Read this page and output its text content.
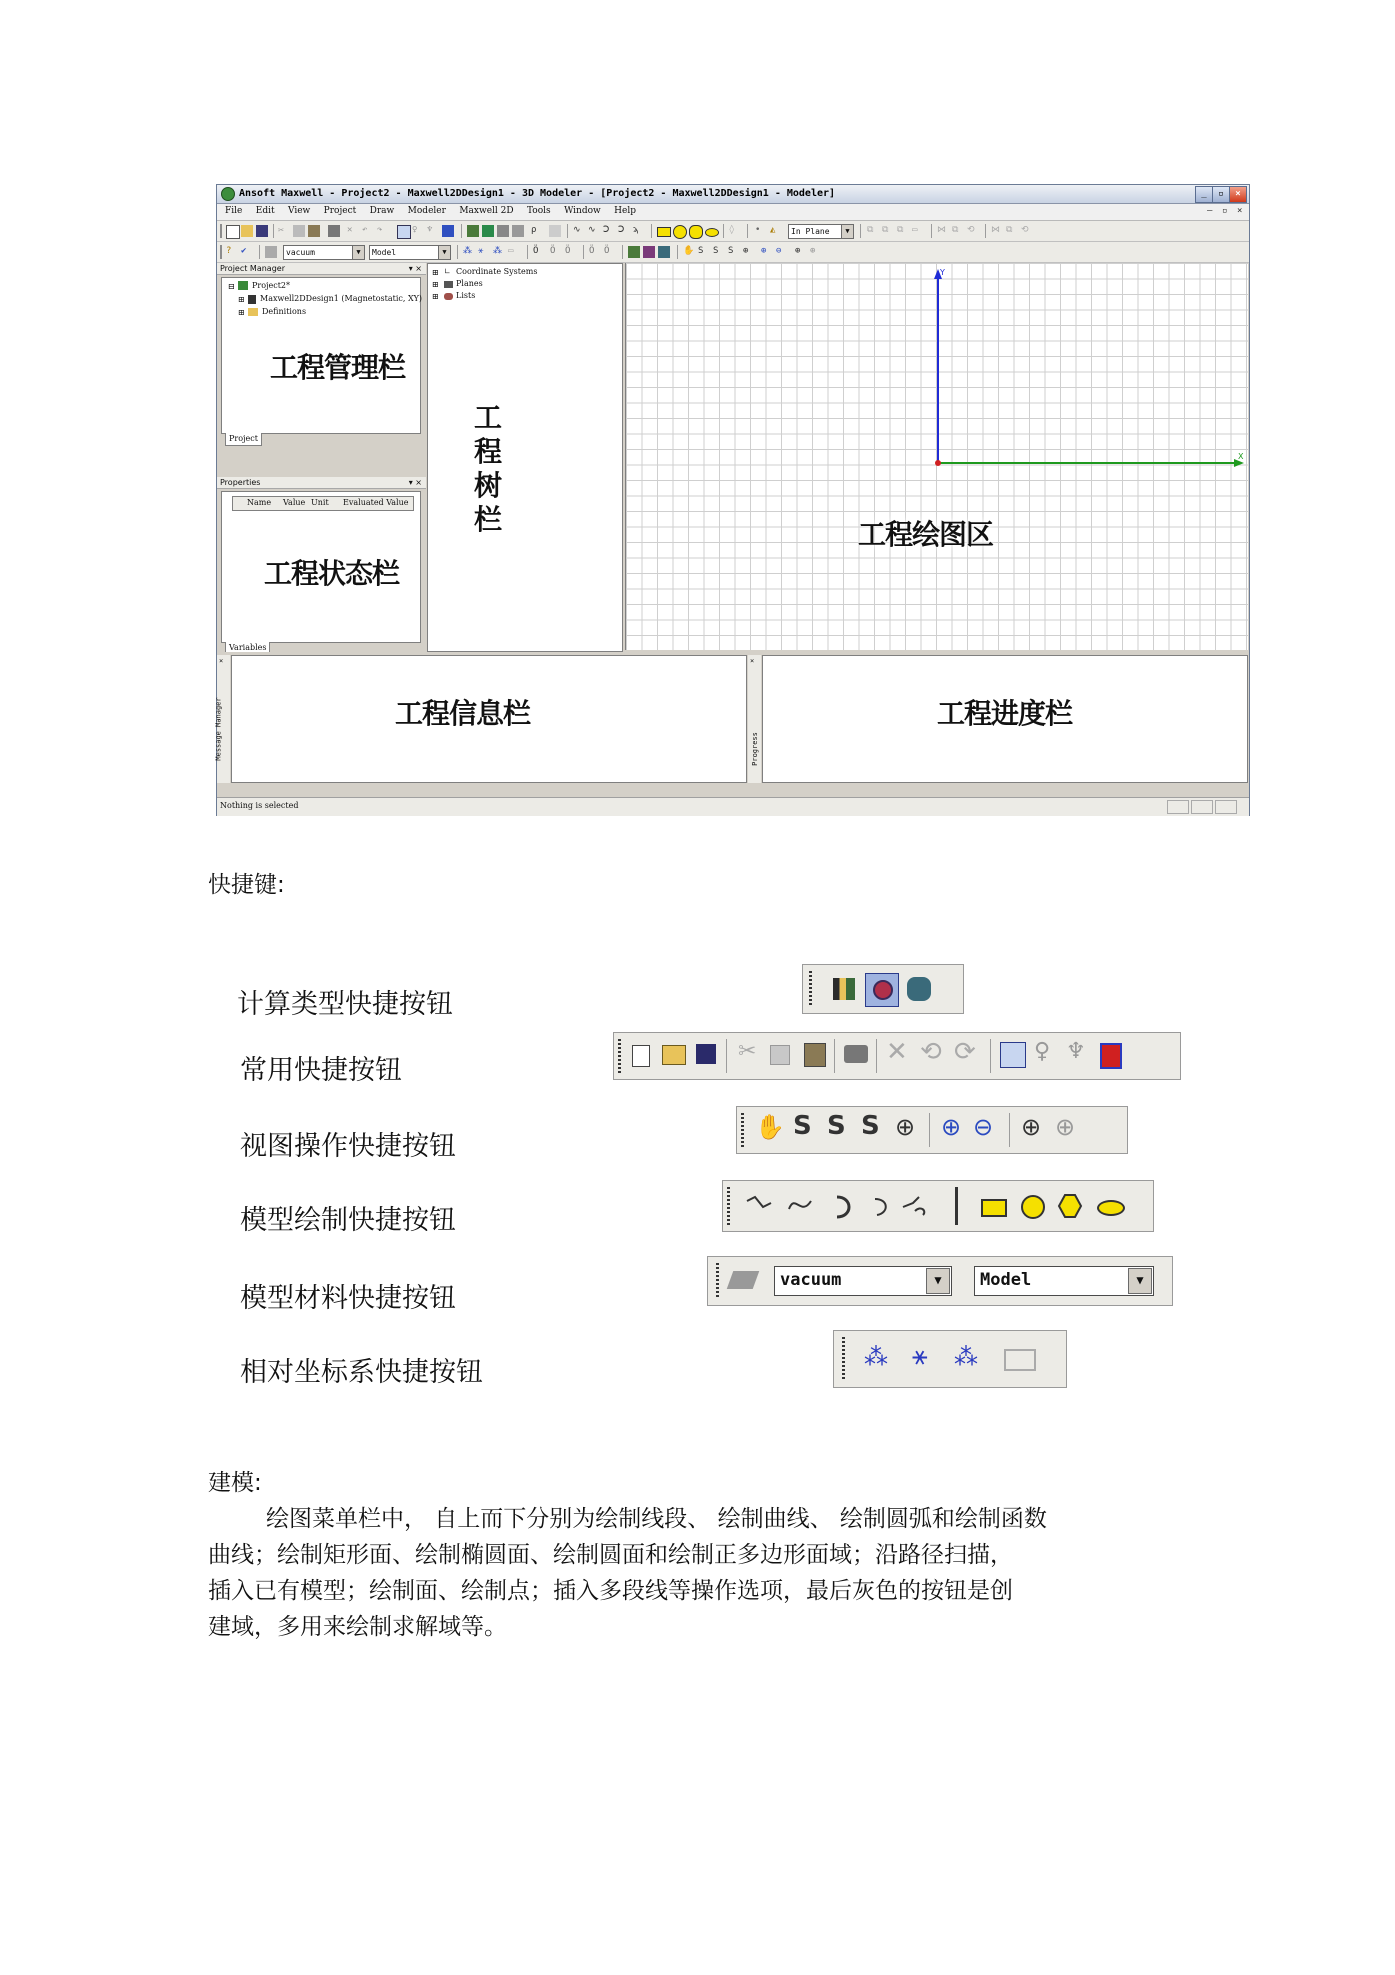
Ansoft Maxwell - Project2 - Maxwell2DDesign1 - 3D Modeler - [Project2 - Maxwell2DDesign1 - Modeler]	_	▫	×
File Edit View Project Draw Modeler Maxwell 2D Tools Window Help	– ▫ ×
✂	✕	↶	↷	♀	♆	ρ	∿ ∿ Ↄ Ↄ ϡ	◊	•	◭	In Plane	▼	⧉ ⧉ ⧉ ▭	⋈ ⧉ ⟲	⋈ ⧉ ⟲
?	✔	vacuum	▼	Model	▼	⁂ ⚹	⁂ ▭	Ö	Ö	Ö	Ö	Ö	✋ S	S	S	⊕	⊕	⊖	⊕	⊕
Project Manager	▾ ×
⊟ Project2*
⊞ Maxwell2DDesign1 (Magnetostatic, XY)
⊞ Definitions
工程管理栏
Project
Properties	▾ ×
Name Value Unit Evaluated Value
工程状态栏
Variables
⊞ ∟ Coordinate Systems
⊞ Planes
⊞ Lists
工
程
树
栏
Y
X
工程绘图区
工程信息栏
×
Message Manager	工程进度栏
×
Progress
Nothing is selected
快捷键:
计算类型快捷按钮
常用快捷按钮
视图操作快捷按钮
模型绘制快捷按钮
模型材料快捷按钮
相对坐标系快捷按钮
✂	✕ ⟲ ⟳	♀ ♆
✋ S S S ⊕ ⊕ ⊖ ⊕ ⊕
vacuum	▼	Model	▼
⁂ ⚹ ⁂
建模:
绘图菜单栏中， 自上而下分别为绘制线段、 绘制曲线、 绘制圆弧和绘制函数
曲线；绘制矩形面、绘制椭圆面、绘制圆面和绘制正多边形面域；沿路径扫描，
插入已有模型；绘制面、绘制点；插入多段线等操作选项，最后灰色的按钮是创
建域，多用来绘制求解域等。
